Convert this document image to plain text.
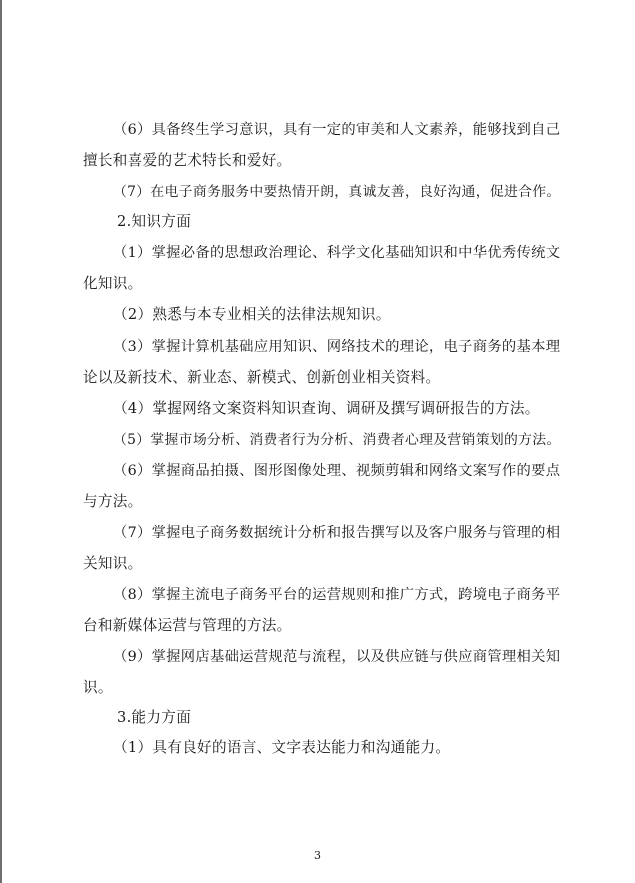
（6）具备终生学习意识，具有一定的审美和人文素养，能够找到自己
擅长和喜爱的艺术特长和爱好。
（7）在电子商务服务中要热情开朗，真诚友善，良好沟通，促进合作。
2.知识方面
（1）掌握必备的思想政治理论、科学文化基础知识和中华优秀传统文
化知识。
（2）熟悉与本专业相关的法律法规知识。
（3）掌握计算机基础应用知识、网络技术的理论，电子商务的基本理
论以及新技术、新业态、新模式、创新创业相关资料。
（4）掌握网络文案资料知识查询、调研及撰写调研报告的方法。
（5）掌握市场分析、消费者行为分析、消费者心理及营销策划的方法。
（6）掌握商品拍摄、图形图像处理、视频剪辑和网络文案写作的要点
与方法。
（7）掌握电子商务数据统计分析和报告撰写以及客户服务与管理的相
关知识。
（8）掌握主流电子商务平台的运营规则和推广方式，跨境电子商务平
台和新媒体运营与管理的方法。
（9）掌握网店基础运营规范与流程，以及供应链与供应商管理相关知
识。
3.能力方面
（1）具有良好的语言、文字表达能力和沟通能力。
3
